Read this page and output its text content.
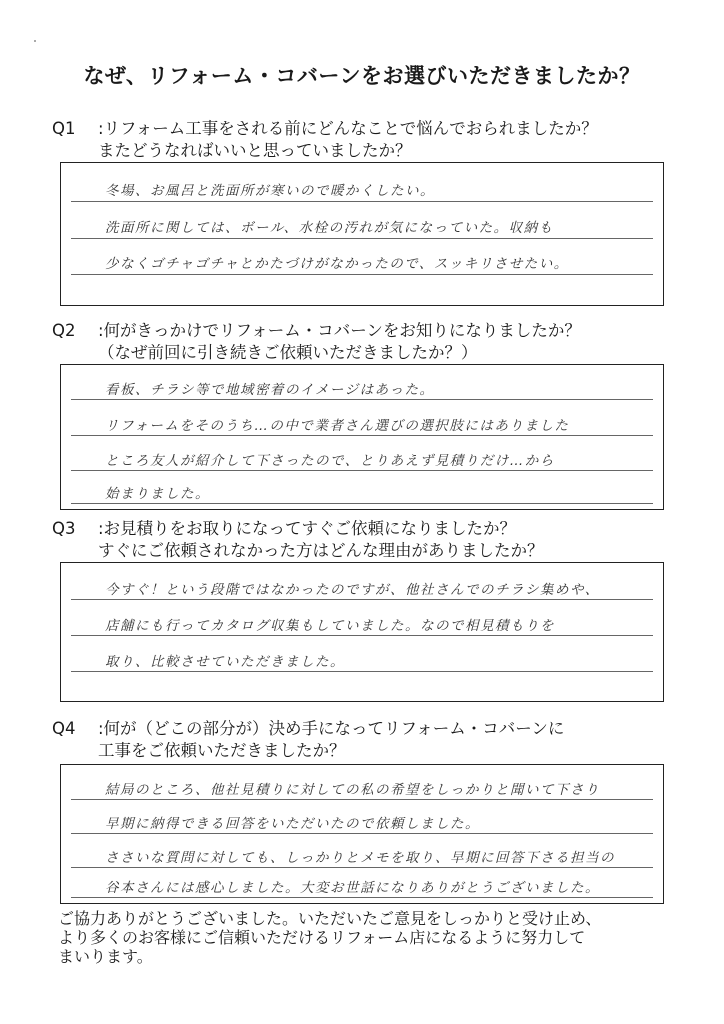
なぜ、リフォーム・コバーンをお選びいただきましたか？
Q1 :リフォーム工事をされる前にどんなことで悩んでおられましたか？
またどうなればいいと思っていましたか？
冬場、お風呂と洗面所が寒いので暖かくしたい。
洗面所に関しては、ボール、水栓の汚れが気になっていた。収納も
少なくゴチャゴチャとかたづけがなかったので、スッキリさせたい。
Q2 :何がきっかけでリフォーム・コバーンをお知りになりましたか？
（なぜ前回に引き続きご依頼いただきましたか？）
看板、チラシ等で地域密着のイメージはあった。
リフォームをそのうち…の中で業者さん選びの選択肢にはありました
ところ友人が紹介して下さったので、とりあえず見積りだけ…から
始まりました。
Q3 :お見積りをお取りになってすぐご依頼になりましたか？
すぐにご依頼されなかった方はどんな理由がありましたか？
今すぐ！という段階ではなかったのですが、他社さんでのチラシ集めや、
店舗にも行ってカタログ収集もしていました。なので相見積もりを
取り、比較させていただきました。
Q4 :何が（どこの部分が）決め手になってリフォーム・コバーンに
工事をご依頼いただきましたか？
結局のところ、他社見積りに対しての私の希望をしっかりと聞いて下さり
早期に納得できる回答をいただいたので依頼しました。
ささいな質問に対しても、しっかりとメモを取り、早期に回答下さる担当の
谷本さんには感心しました。大変お世話になりありがとうございました。
ご協力ありがとうございました。いただいたご意見をしっかりと受け止め、
より多くのお客様にご信頼いただけるリフォーム店になるように努力して
まいります。
